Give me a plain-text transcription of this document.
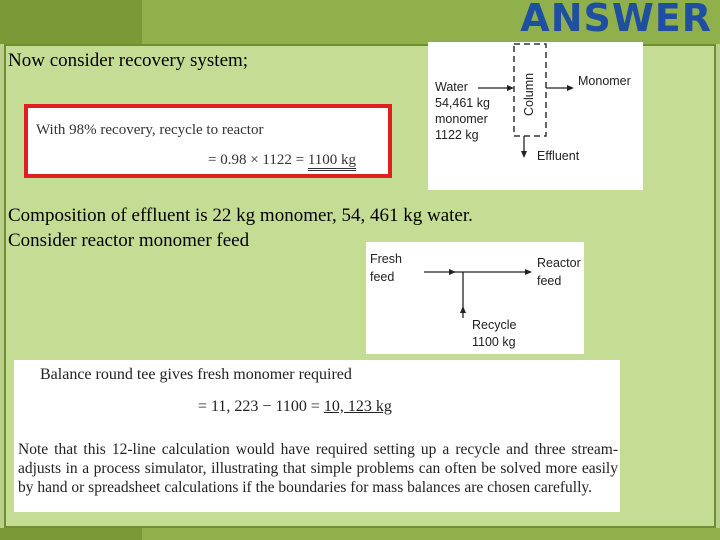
ANSWER
Now consider recovery system;
With 98% recovery, recycle to reactor
= 0.98 × 1122 = 1100 kg
Water
54,461 kg
monomer
1122 kg
Column	Monomer
Effluent
Composition of effluent is 22 kg monomer, 54, 461 kg water.
Consider reactor monomer feed
Fresh
feed
Reactor
feed
Recycle
1100 kg
Balance round tee gives fresh monomer required
= 11, 223 − 1100 = 10, 123 kg
Note that this 12-line calculation would have required setting up a recycle and three stream-adjusts in a process simulator, illustrating that simple problems can often be solved more easily by hand or spreadsheet calculations if the boundaries for mass balances are chosen carefully.
